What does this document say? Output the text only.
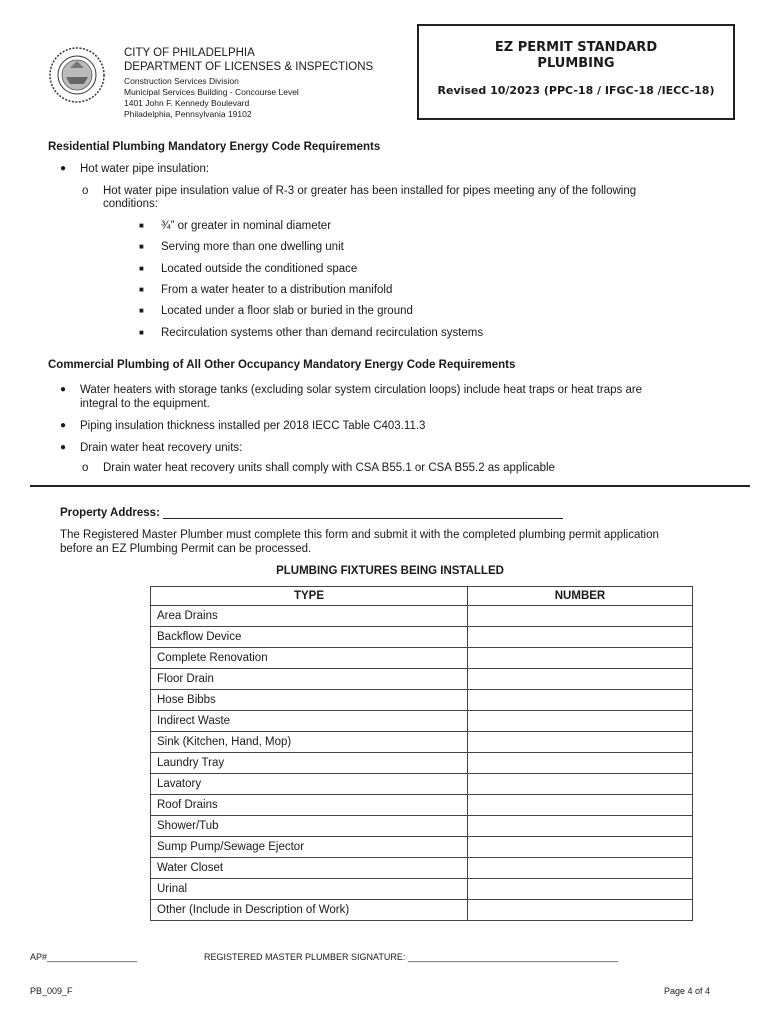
CITY OF PHILADELPHIA
DEPARTMENT OF LICENSES & INSPECTIONS
Construction Services Division
Municipal Services Building - Concourse Level
1401 John F. Kennedy Boulevard
Philadelphia, Pennsylvania 19102
EZ PERMIT STANDARD
PLUMBING
Revised 10/2023 (PPC-18 / IFGC-18 /IECC-18)
Residential Plumbing Mandatory Energy Code Requirements
● Hot water pipe insulation:
o Hot water pipe insulation value of R-3 or greater has been installed for pipes meeting any of the following
conditions:
■ ¾” or greater in nominal diameter
■ Serving more than one dwelling unit
■ Located outside the conditioned space
■ From a water heater to a distribution manifold
■ Located under a floor slab or buried in the ground
■ Recirculation systems other than demand recirculation systems
Commercial Plumbing of All Other Occupancy Mandatory Energy Code Requirements
● Water heaters with storage tanks (excluding solar system circulation loops) include heat traps or heat traps are
integral to the equipment.
● Piping insulation thickness installed per 2018 IECC Table C403.11.3
● Drain water heat recovery units:
o Drain water heat recovery units shall comply with CSA B55.1 or CSA B55.2 as applicable
Property Address:
The Registered Master Plumber must complete this form and submit it with the completed plumbing permit application
before an EZ Plumbing Permit can be processed.
PLUMBING FIXTURES BEING INSTALLED
TYPE	NUMBER
Area Drains	
Backflow Device	
Complete Renovation	
Floor Drain	
Hose Bibbs	
Indirect Waste	
Sink (Kitchen, Hand, Mop)	
Laundry Tray	
Lavatory	
Roof Drains	
Shower/Tub	
Sump Pump/Sewage Ejector	
Water Closet	
Urinal	
Other (Include in Description of Work)	
AP#__________________	REGISTERED MASTER PLUMBER SIGNATURE: __________________________________________
PB_009_F	Page 4 of 4
